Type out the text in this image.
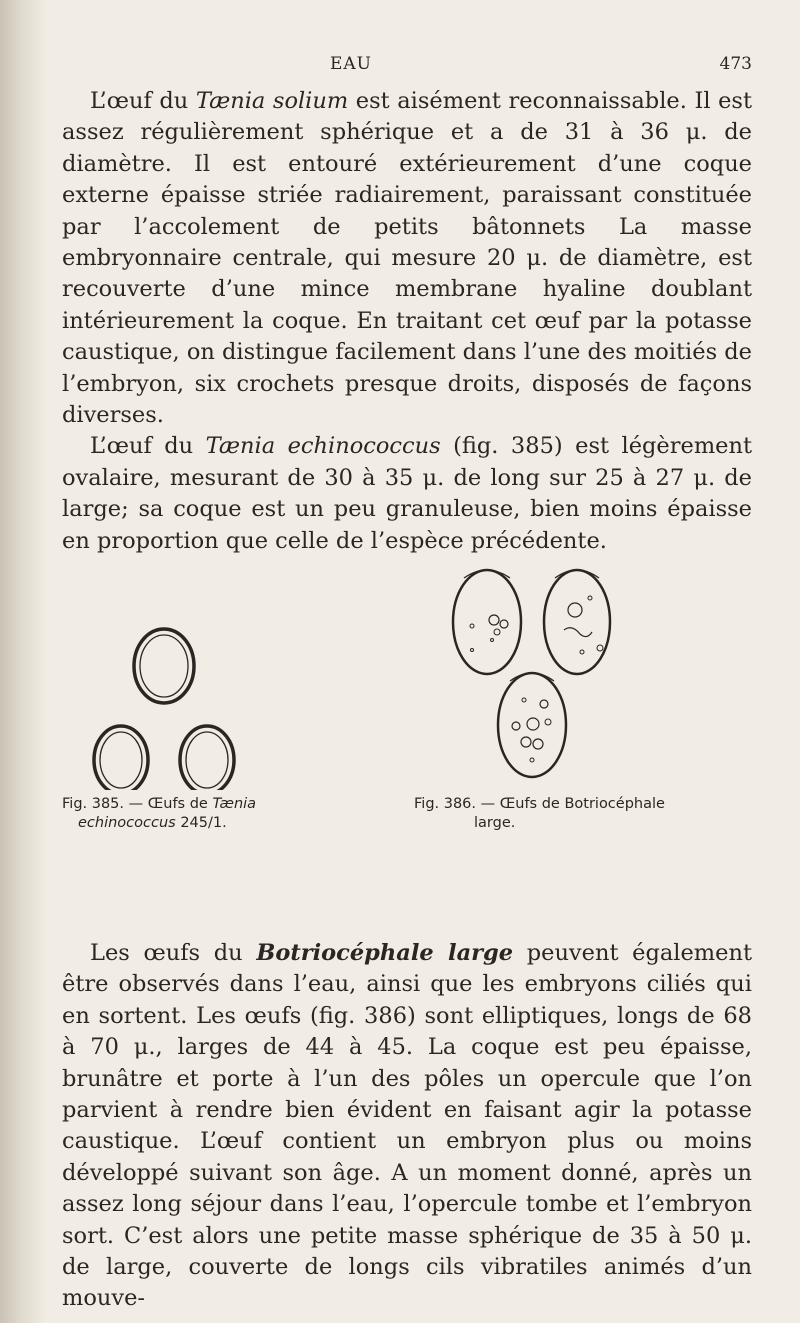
EAU	473

L’œuf du Tænia solium est aisément reconnaissable. Il est assez régulièrement sphérique et a de 31 à 36 μ. de diamètre. Il est entouré extérieurement d’une coque externe épaisse striée radiairement, paraissant constituée par l’accolement de petits bâtonnets La masse embryonnaire centrale, qui mesure 20 μ. de diamètre, est recouverte d’une mince membrane hyaline doublant intérieurement la coque. En traitant cet œuf par la potasse caustique, on distingue facilement dans l’une des moitiés de l’embryon, six crochets presque droits, disposés de façons diverses.

L’œuf du Tænia echinococcus (fig. 385) est légèrement ovalaire, mesurant de 30 à 35 μ. de long sur 25 à 27 μ. de large; sa coque est un peu granuleuse, bien moins épaisse en proportion que celle de l’espèce précédente.

Fig. 385. — Œufs de Tænia
echinococcus 245/1.
Fig. 386. — Œufs de Botriocéphale
large.

Les œufs du Botriocéphale large peuvent également être observés dans l’eau, ainsi que les embryons ciliés qui en sortent. Les œufs (fig. 386) sont elliptiques, longs de 68 à 70 μ., larges de 44 à 45. La coque est peu épaisse, brunâtre et porte à l’un des pôles un opercule que l’on parvient à rendre bien évident en faisant agir la potasse caustique. L’œuf contient un embryon plus ou moins développé suivant son âge. A un moment donné, après un assez long séjour dans l’eau, l’opercule tombe et l’embryon sort. C’est alors une petite masse sphérique de 35 à 50 μ. de large, couverte de longs cils vibratiles animés d’un mouve-
